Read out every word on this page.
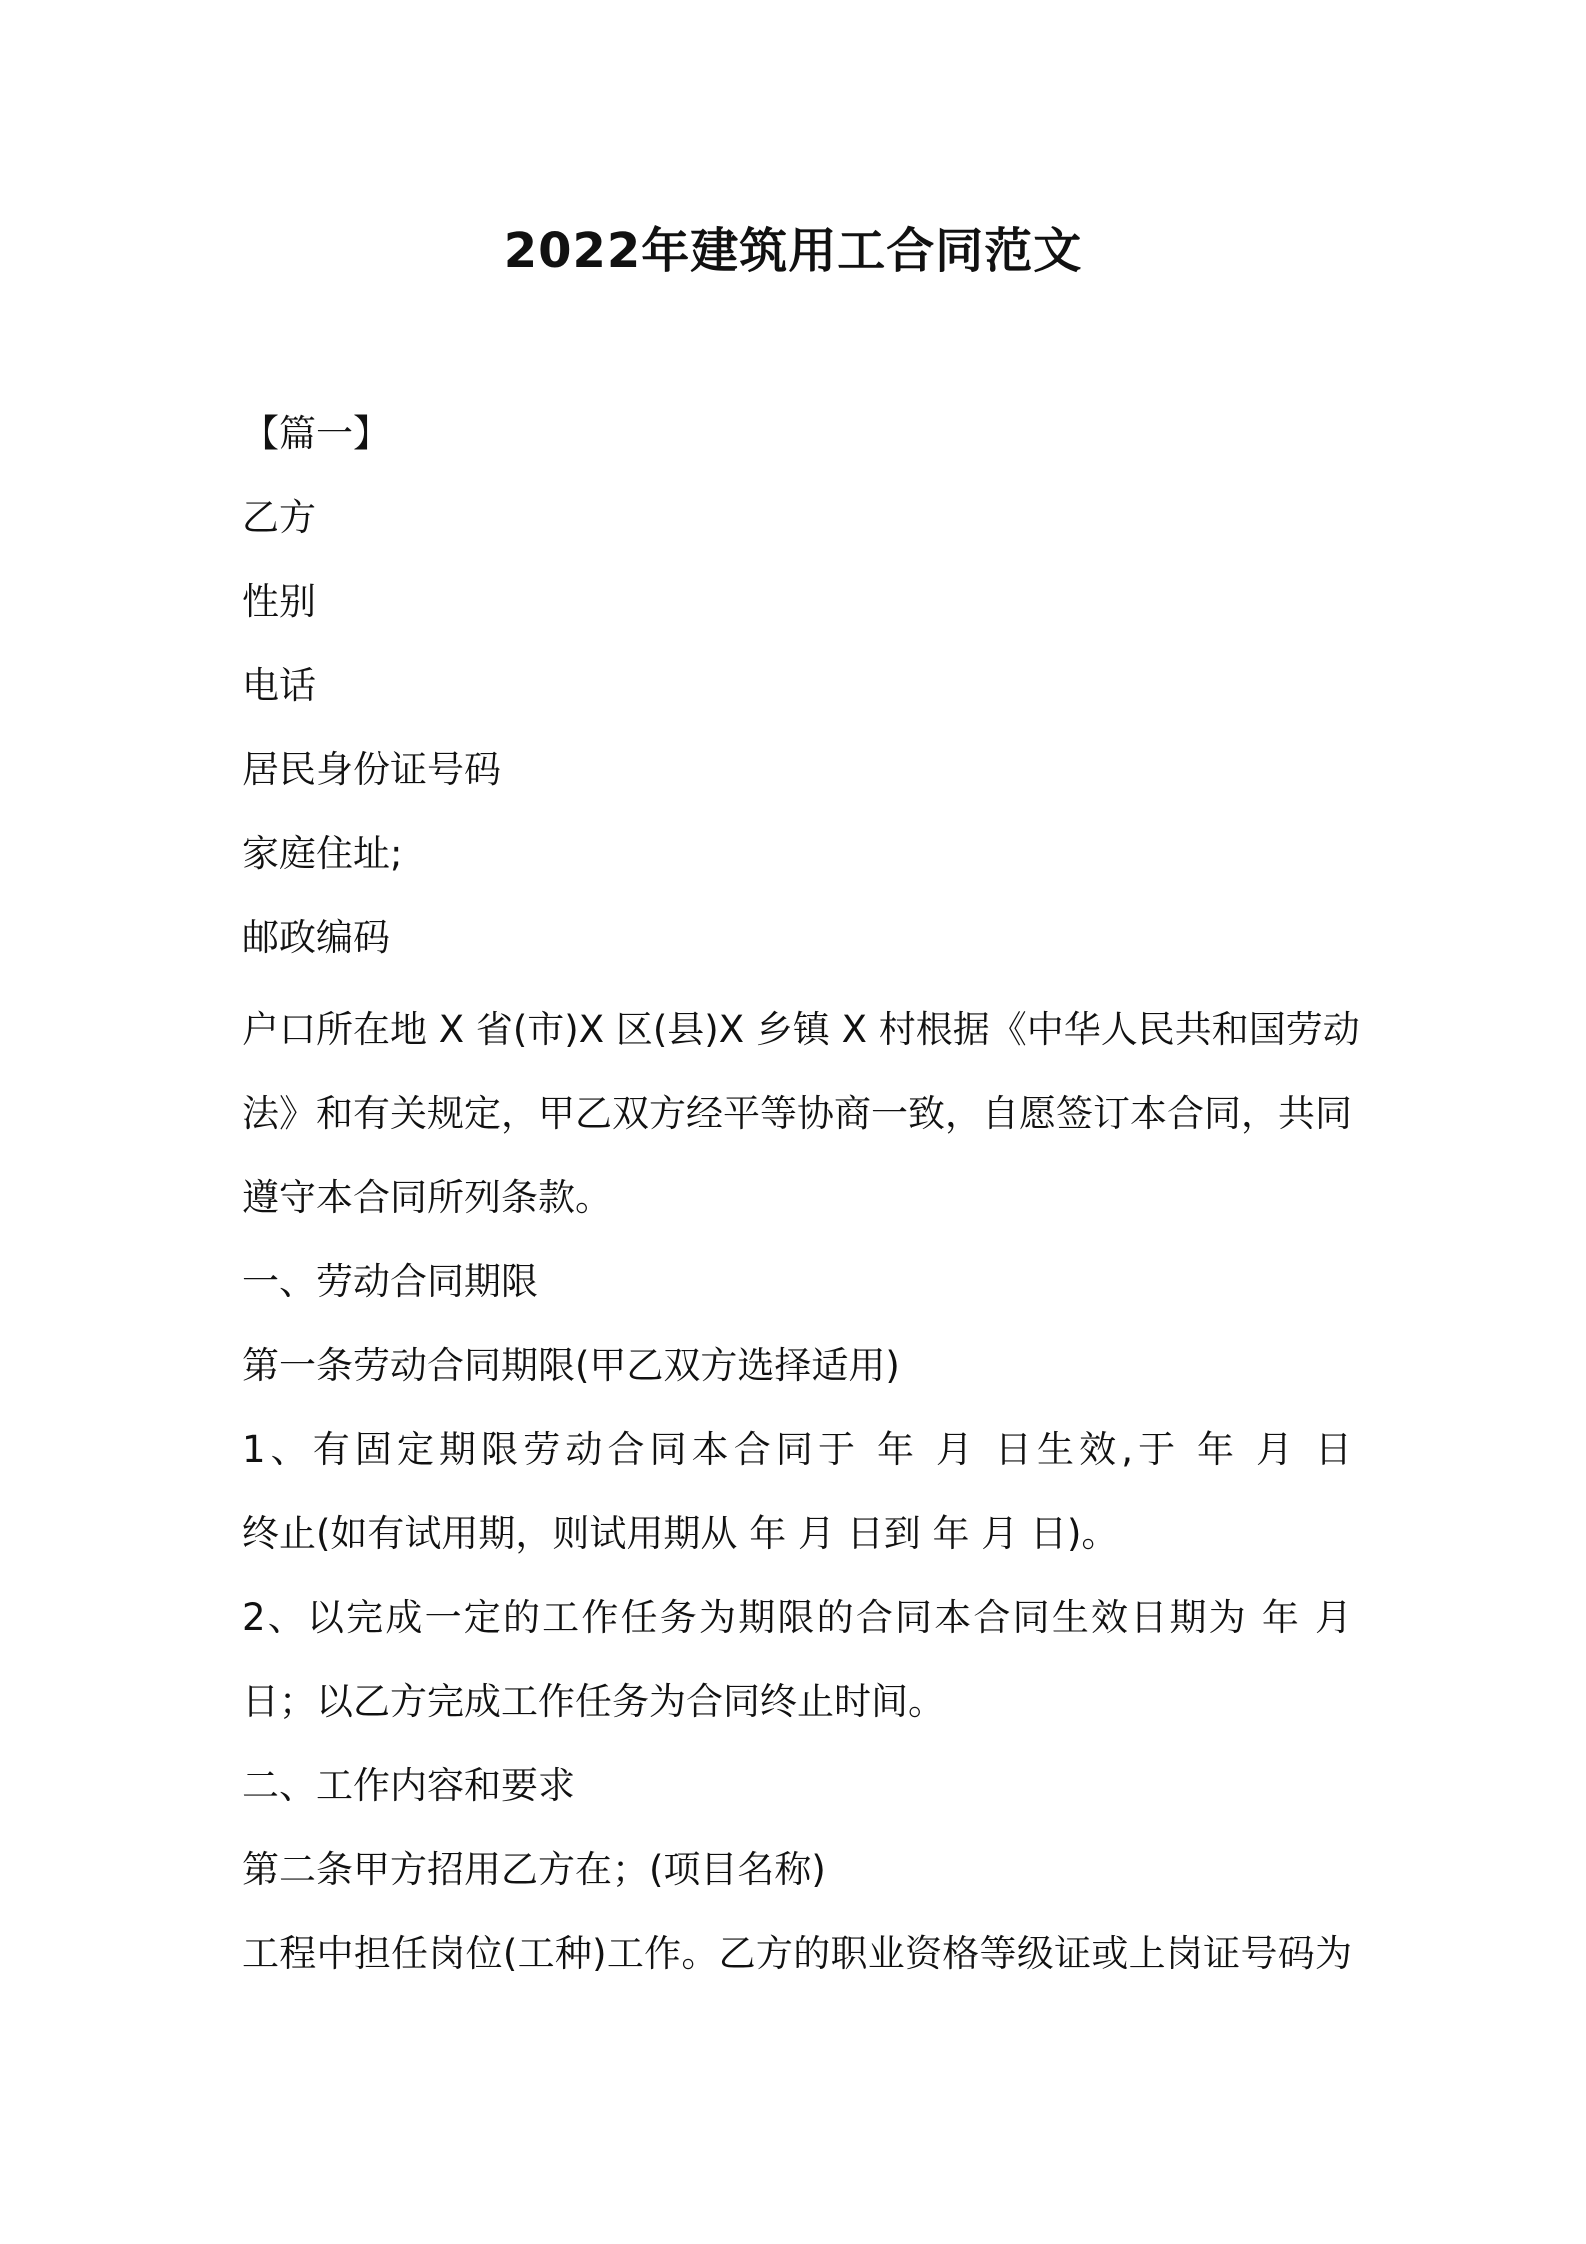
2022年建筑用工合同范文
【篇一】
乙方
性别
电话
居民身份证号码
家庭住址;
邮政编码
户口所在地 X 省(市)X 区(县)X 乡镇 X 村根据《中华人民共和国劳动
法》和有关规定，甲乙双方经平等协商一致，自愿签订本合同，共同
遵守本合同所列条款。
一、劳动合同期限
第一条劳动合同期限(甲乙双方选择适用)
1、有固定期限劳动合同本合同于 年 月 日生效,于 年 月 日
终止(如有试用期，则试用期从 年 月 日到 年 月 日)。
2、以完成一定的工作任务为期限的合同本合同生效日期为 年 月
日；以乙方完成工作任务为合同终止时间。
二、工作内容和要求
第二条甲方招用乙方在；(项目名称)
工程中担任岗位(工种)工作。乙方的职业资格等级证或上岗证号码为
